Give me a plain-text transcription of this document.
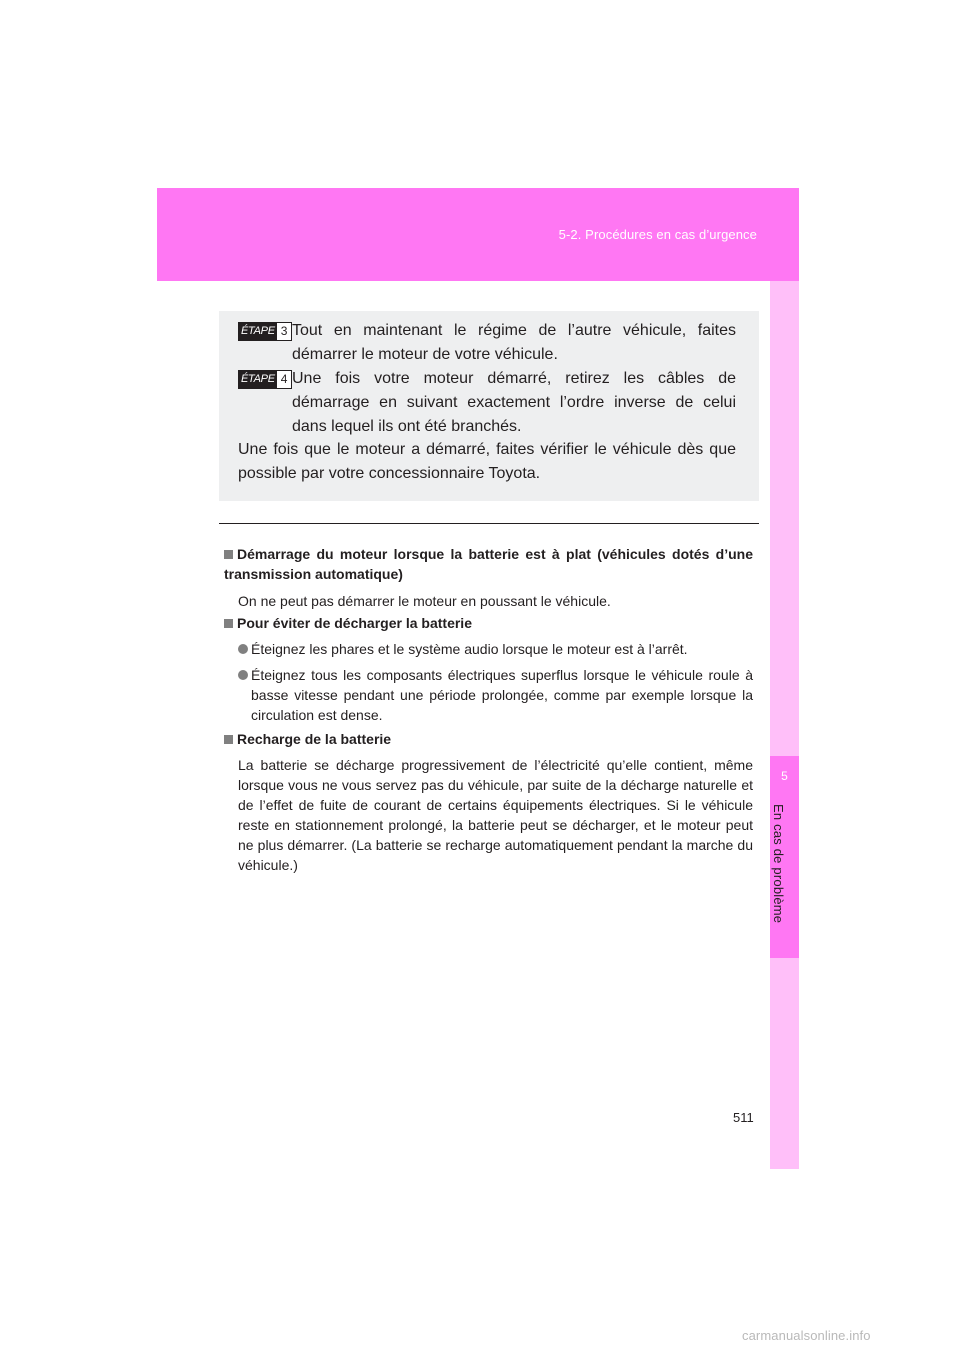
5-2. Procédures en cas d’urgence
5
En cas de problème
ÉTAPE 3 Tout en maintenant le régime de l’autre véhicule, faites démarrer le moteur de votre véhicule.
ÉTAPE 4 Une fois votre moteur démarré, retirez les câbles de démarrage en suivant exactement l’ordre inverse de celui dans lequel ils ont été branchés.
Une fois que le moteur a démarré, faites vérifier le véhicule dès que possible par votre concessionnaire Toyota.
Démarrage du moteur lorsque la batterie est à plat (véhicules dotés d’une transmission automatique)
On ne peut pas démarrer le moteur en poussant le véhicule.
Pour éviter de décharger la batterie
Éteignez les phares et le système audio lorsque le moteur est à l’arrêt.
Éteignez tous les composants électriques superflus lorsque le véhicule roule à basse vitesse pendant une période prolongée, comme par exemple lorsque la circulation est dense.
Recharge de la batterie
La batterie se décharge progressivement de l’électricité qu’elle contient, même lorsque vous ne vous servez pas du véhicule, par suite de la décharge naturelle et de l’effet de fuite de courant de certains équipements électriques. Si le véhicule reste en stationnement prolongé, la batterie peut se décharger, et le moteur peut ne plus démarrer. (La batterie se recharge automatiquement pendant la marche du véhicule.)
511
carmanualsonline.info
